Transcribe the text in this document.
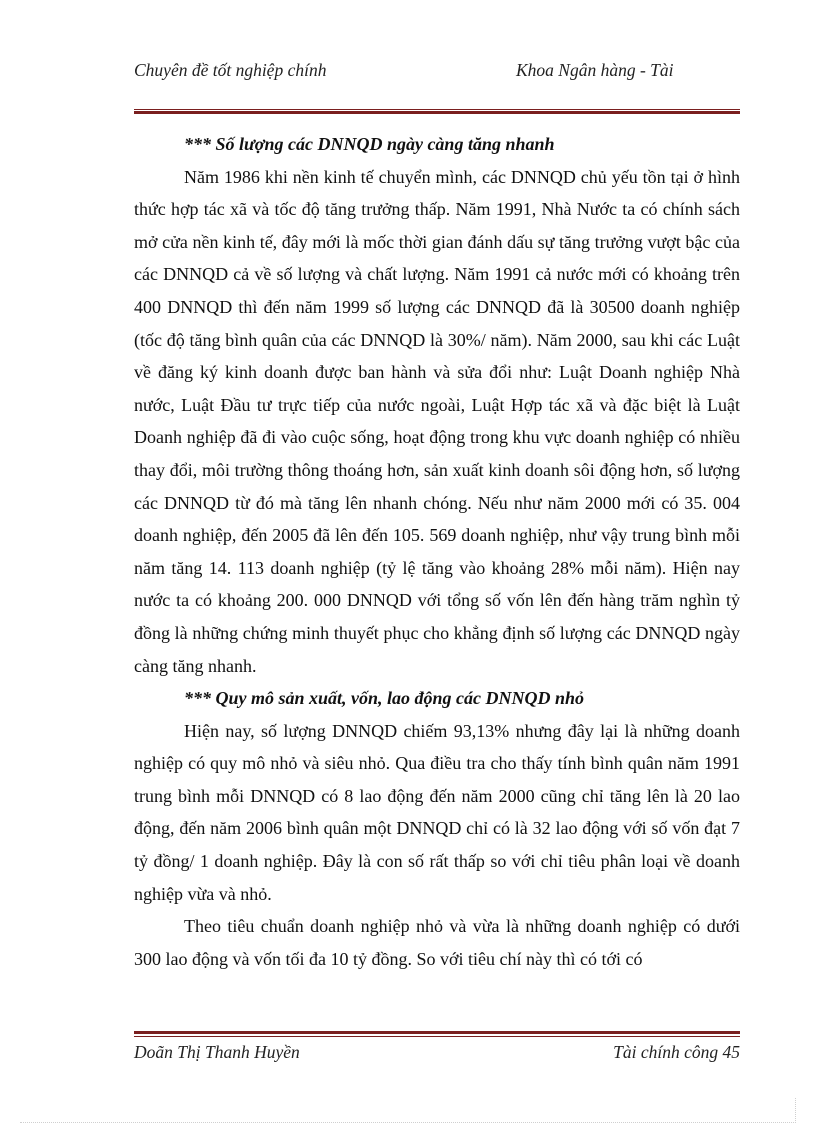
Chuyên đề tốt nghiệp chính	Khoa Ngân hàng - Tài

*** Số lượng các DNNQD ngày càng tăng nhanh

Năm 1986 khi nền kinh tế chuyển mình, các DNNQD chủ yếu tồn tại ở hình thức hợp tác xã và tốc độ tăng trưởng thấp. Năm 1991, Nhà Nước ta có chính sách mở cửa nền kinh tế, đây mới là mốc thời gian đánh dấu sự tăng trưởng vượt bậc của các DNNQD cả về số lượng và chất lượng. Năm 1991 cả nước mới có khoảng trên 400 DNNQD thì đến năm 1999 số lượng các DNNQD đã là 30500 doanh nghiệp (tốc độ tăng bình quân của các DNNQD là 30%/ năm). Năm 2000, sau khi các Luật về đăng ký kinh doanh được ban hành và sửa đổi như: Luật Doanh nghiệp Nhà nước, Luật Đầu tư trực tiếp của nước ngoài, Luật Hợp tác xã và đặc biệt là Luật Doanh nghiệp đã đi vào cuộc sống, hoạt động trong khu vực doanh nghiệp có nhiều thay đổi, môi trường thông thoáng hơn, sản xuất kinh doanh sôi động hơn, số lượng các DNNQD từ đó mà tăng lên nhanh chóng. Nếu như năm 2000 mới có 35. 004 doanh nghiệp, đến 2005 đã lên đến 105. 569 doanh nghiệp, như vậy trung bình mỗi năm tăng 14. 113 doanh nghiệp (tỷ lệ tăng vào khoảng 28% mỗi năm). Hiện nay nước ta có khoảng 200. 000 DNNQD với tổng số vốn lên đến hàng trăm nghìn tỷ đồng là những chứng minh thuyết phục cho khẳng định số lượng các DNNQD ngày càng tăng nhanh.

*** Quy mô sản xuất, vốn, lao động các DNNQD nhỏ

Hiện nay, số lượng DNNQD chiếm 93,13% nhưng đây lại là những doanh nghiệp có quy mô nhỏ và siêu nhỏ. Qua điều tra cho thấy tính bình quân năm 1991 trung bình mỗi DNNQD có 8 lao động đến năm 2000 cũng chỉ tăng lên là 20 lao động, đến năm 2006 bình quân một DNNQD chỉ có là 32 lao động với số vốn đạt 7 tỷ đồng/ 1 doanh nghiệp. Đây là con số rất thấp so với chỉ tiêu phân loại về doanh nghiệp vừa và nhỏ.

Theo tiêu chuẩn doanh nghiệp nhỏ và vừa là những doanh nghiệp có dưới 300 lao động và vốn tối đa 10 tỷ đồng. So với tiêu chí này thì có tới có

Doãn Thị Thanh Huyền	Tài chính công 45
